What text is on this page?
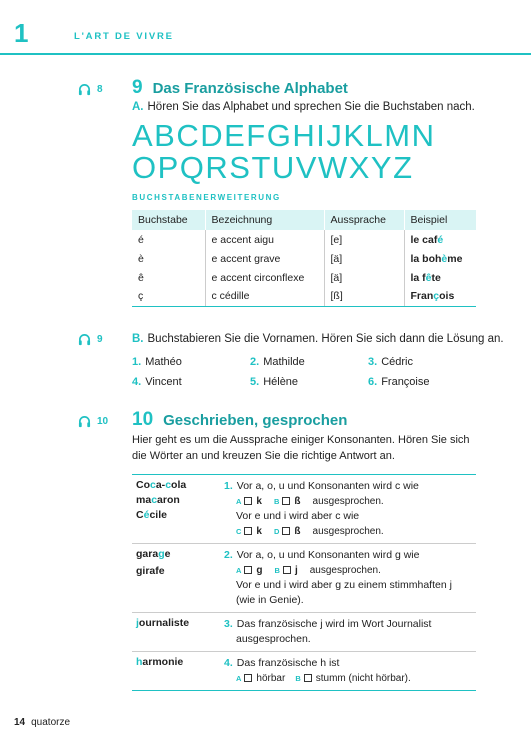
1	L'ART DE VIVRE
8 9 Das Französische Alphabet
A. Hören Sie das Alphabet und sprechen Sie die Buchstaben nach.
ABCDEFGHIJKLMN
OPQRSTUVWXYZ
BUCHSTABENERWEITERUNG
Buchstabe	Bezeichnung	Aussprache	Beispiel
é	e accent aigu	[e]	le café
è	e accent grave	[ä]	la bohème
ê	e accent circonflexe	[ä]	la fête
ç	c cédille	[ß]	François
9	B. Buchstabieren Sie die Vornamen. Hören Sie sich dann die Lösung an.
1. Mathéo	2. Mathilde	3. Cédric
4. Vincent	5. Hélène	6. Françoise
10 10 Geschrieben, gesprochen
Hier geht es um die Aussprache einiger Konsonanten. Hören Sie sich die Wörter an und kreuzen Sie die richtige Antwort an.
Coca-cola
macaron
Cécile	1. Vor a, o, u und Konsonanten wird c wie
A k B ß ausgesprochen.
Vor e und i wird aber c wie
C k D ß ausgesprochen.

garage
girafe	2. Vor a, o, u und Konsonanten wird g wie
A g B j ausgesprochen.
Vor e und i wird aber g zu einem stimmhaften j
(wie in Genie).

journaliste	3. Das französische j wird im Wort Journalist
ausgesprochen.

harmonie	4. Das französische h ist
A hörbar B stumm (nicht hörbar).
14 quatorze
